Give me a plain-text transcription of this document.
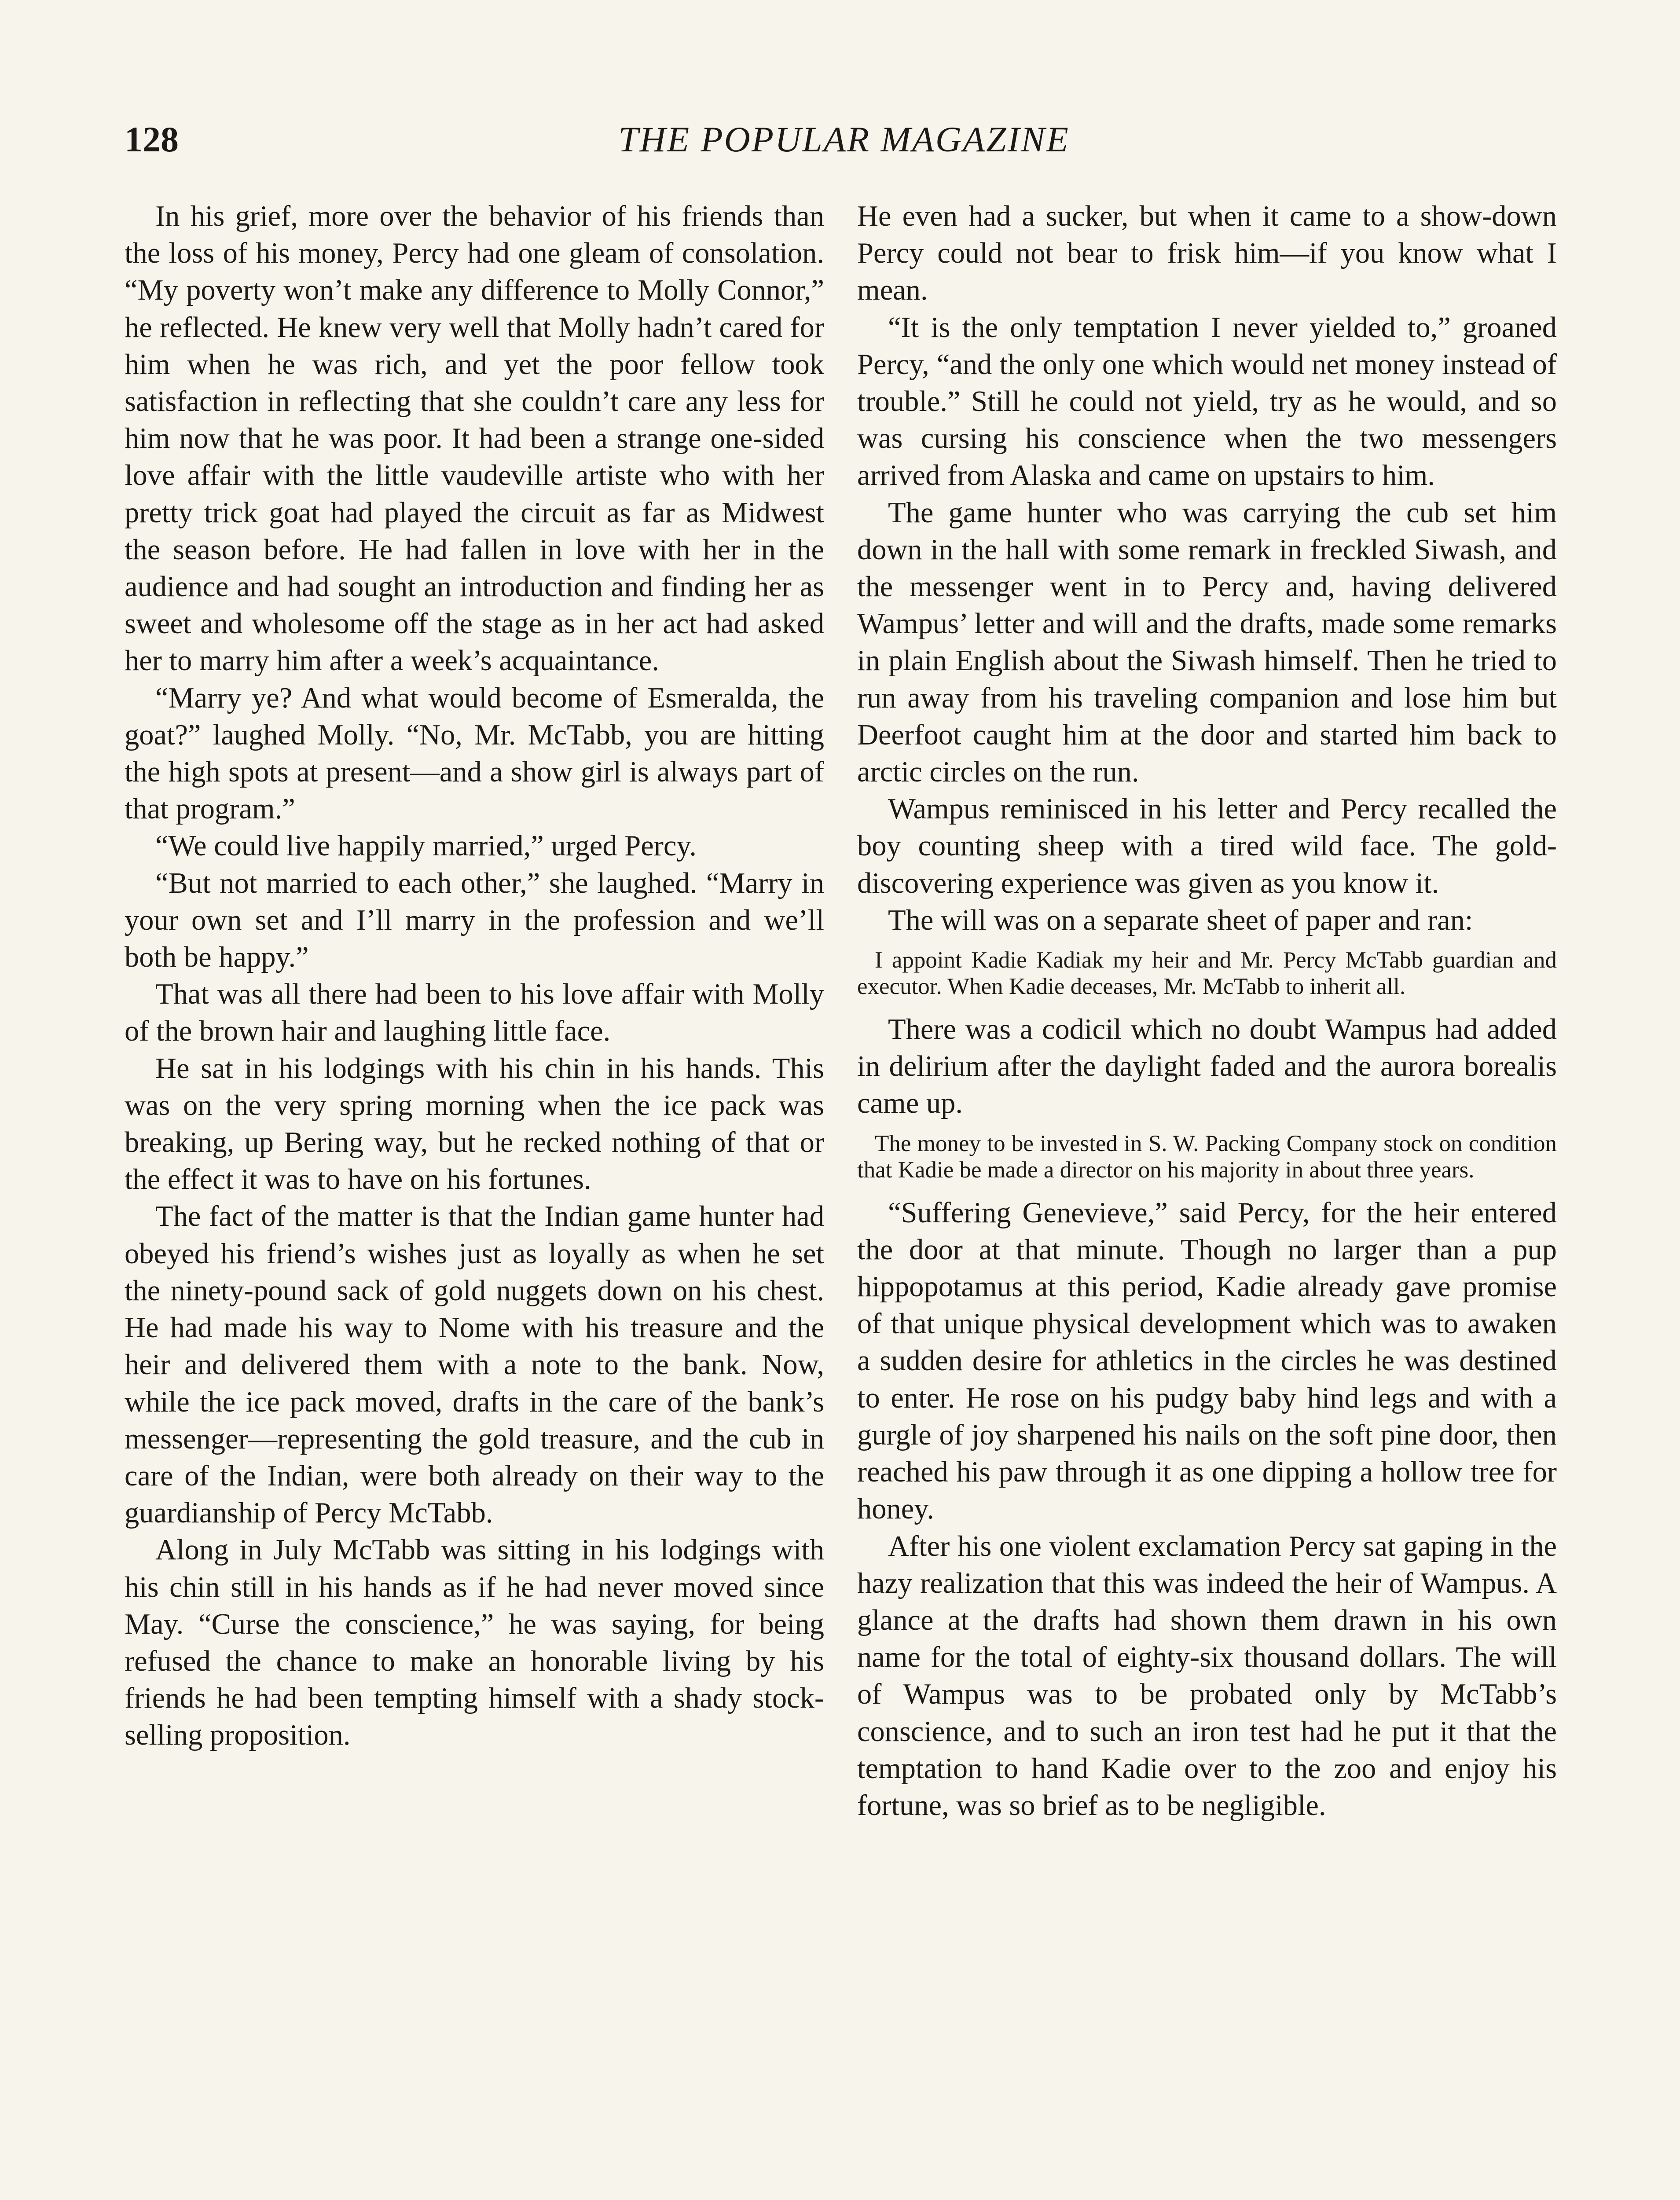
128	THE POPULAR MAGAZINE

In his grief, more over the behavior of his friends than the loss of his money, Percy had one gleam of consolation. “My poverty won’t make any difference to Molly Connor,” he reflected. He knew very well that Molly hadn’t cared for him when he was rich, and yet the poor fellow took satisfaction in reflecting that she couldn’t care any less for him now that he was poor. It had been a strange one-sided love affair with the little vaudeville artiste who with her pretty trick goat had played the circuit as far as Midwest the season before. He had fallen in love with her in the audience and had sought an introduction and finding her as sweet and wholesome off the stage as in her act had asked her to marry him after a week’s acquaintance.

“Marry ye? And what would become of Esmeralda, the goat?” laughed Molly. “No, Mr. McTabb, you are hitting the high spots at present—and a show girl is always part of that program.”

“We could live happily married,” urged Percy.

“But not married to each other,” she laughed. “Marry in your own set and I’ll marry in the profession and we’ll both be happy.”

That was all there had been to his love affair with Molly of the brown hair and laughing little face.

He sat in his lodgings with his chin in his hands. This was on the very spring morning when the ice pack was breaking, up Bering way, but he recked nothing of that or the effect it was to have on his fortunes.

The fact of the matter is that the Indian game hunter had obeyed his friend’s wishes just as loyally as when he set the ninety-pound sack of gold nuggets down on his chest. He had made his way to Nome with his treasure and the heir and delivered them with a note to the bank. Now, while the ice pack moved, drafts in the care of the bank’s messenger—representing the gold treasure, and the cub in care of the Indian, were both already on their way to the guardianship of Percy McTabb.

Along in July McTabb was sitting in his lodgings with his chin still in his hands as if he had never moved since May. “Curse the conscience,” he was saying, for being refused the chance to make an honorable living by his friends he had been tempting himself with a shady stock-selling proposition.

He even had a sucker, but when it came to a show-down Percy could not bear to frisk him—if you know what I mean.

“It is the only temptation I never yielded to,” groaned Percy, “and the only one which would net money instead of trouble.” Still he could not yield, try as he would, and so was cursing his conscience when the two messengers arrived from Alaska and came on upstairs to him.

The game hunter who was carrying the cub set him down in the hall with some remark in freckled Siwash, and the messenger went in to Percy and, having delivered Wampus’ letter and will and the drafts, made some remarks in plain English about the Siwash himself. Then he tried to run away from his traveling companion and lose him but Deerfoot caught him at the door and started him back to arctic circles on the run.

Wampus reminisced in his letter and Percy recalled the boy counting sheep with a tired wild face. The gold-discovering experience was given as you know it.

The will was on a separate sheet of paper and ran:

I appoint Kadie Kadiak my heir and Mr. Percy McTabb guardian and executor. When Kadie deceases, Mr. McTabb to inherit all.

There was a codicil which no doubt Wampus had added in delirium after the daylight faded and the aurora borealis came up.

The money to be invested in S. W. Packing Company stock on condition that Kadie be made a director on his majority in about three years.

“Suffering Genevieve,” said Percy, for the heir entered the door at that minute. Though no larger than a pup hippopotamus at this period, Kadie already gave promise of that unique physical development which was to awaken a sudden desire for athletics in the circles he was destined to enter. He rose on his pudgy baby hind legs and with a gurgle of joy sharpened his nails on the soft pine door, then reached his paw through it as one dipping a hollow tree for honey.

After his one violent exclamation Percy sat gaping in the hazy realization that this was indeed the heir of Wampus. A glance at the drafts had shown them drawn in his own name for the total of eighty-six thousand dollars. The will of Wampus was to be probated only by McTabb’s conscience, and to such an iron test had he put it that the temptation to hand Kadie over to the zoo and enjoy his fortune, was so brief as to be negligible.
